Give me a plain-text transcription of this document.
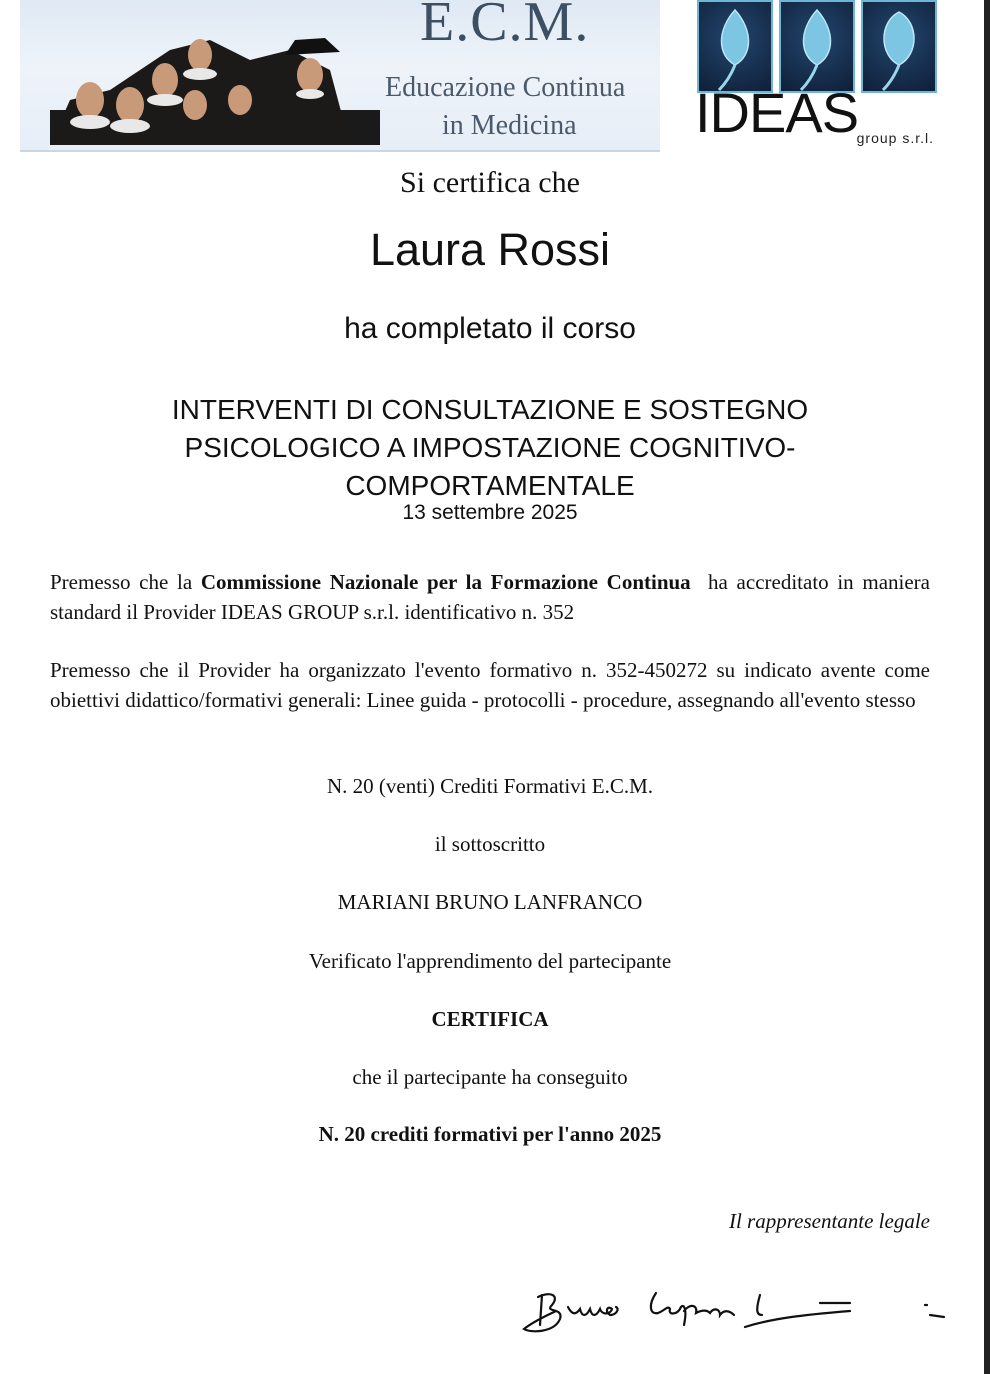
E.C.M.
Educazione Continua
in Medicina IDEAS
group s.r.l.
Si certifica che
Laura Rossi
ha completato il corso
INTERVENTI DI CONSULTAZIONE E SOSTEGNO
PSICOLOGICO A IMPOSTAZIONE COGNITIVO-
COMPORTAMENTALE
13 settembre 2025
Premesso che la Commissione Nazionale per la Formazione Continua  ha accreditato in maniera standard il Provider IDEAS GROUP s.r.l. identificativo n. 352
Premesso che il Provider ha organizzato l'evento formativo n. 352-450272 su indicato avente come obiettivi didattico/formativi generali: Linee guida - protocolli - procedure, assegnando all'evento stesso
N. 20 (venti) Crediti Formativi E.C.M.
il sottoscritto
MARIANI BRUNO LANFRANCO
Verificato l'apprendimento del partecipante
CERTIFICA
che il partecipante ha conseguito
N. 20 crediti formativi per l'anno 2025
Il rappresentante legale
